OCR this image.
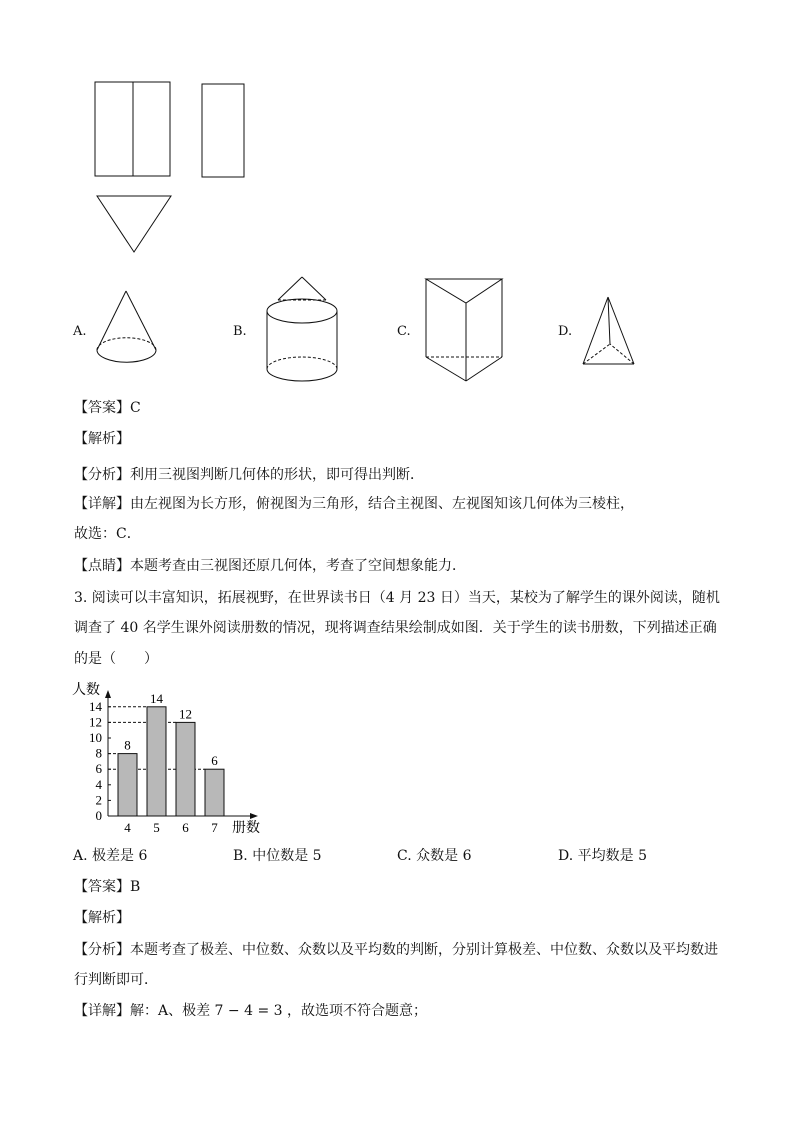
A.	B.	C.	D.
【答案】C
【解析】
【分析】利用三视图判断几何体的形状，即可得出判断．
【详解】由左视图为长方形，俯视图为三角形，结合主视图、左视图知该几何体为三棱柱，
故选：C．
【点睛】本题考查由三视图还原几何体，考查了空间想象能力．
3. 阅读可以丰富知识，拓展视野，在世界读书日（4 月 23 日）当天，某校为了解学生的课外阅读，随机
调查了 40 名学生课外阅读册数的情况，现将调查结果绘制成如图．关于学生的读书册数，下列描述正确
的是（　　）
人数
册数
0
2
4
6
8
10
12
14
8
4
14
5
12
6
6
7
A. 极差是 6	B. 中位数是 5	C. 众数是 6	D. 平均数是 5
【答案】B
【解析】
【分析】本题考查了极差、中位数、众数以及平均数的判断，分别计算极差、中位数、众数以及平均数进
行判断即可．
【详解】解：A、极差 7 − 4 = 3 ，故选项不符合题意；
